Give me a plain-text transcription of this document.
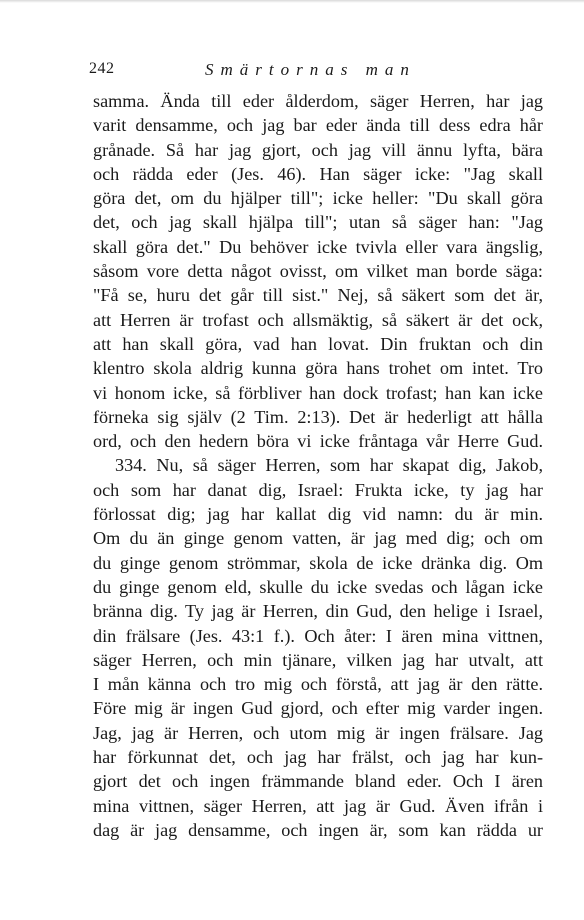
242	Smärtornas man
samma. Ända till eder ålderdom, säger Herren, har jag
varit densamme, och jag bar eder ända till dess edra hår
grånade. Så har jag gjort, och jag vill ännu lyfta, bära
och rädda eder (Jes. 46). Han säger icke: "Jag skall
göra det, om du hjälper till"; icke heller: "Du skall göra
det, och jag skall hjälpa till"; utan så säger han: "Jag
skall göra det." Du behöver icke tvivla eller vara ängslig,
såsom vore detta något ovisst, om vilket man borde säga:
"Få se, huru det går till sist." Nej, så säkert som det är,
att Herren är trofast och allsmäktig, så säkert är det ock,
att han skall göra, vad han lovat. Din fruktan och din
klentro skola aldrig kunna göra hans trohet om intet. Tro
vi honom icke, så förbliver han dock trofast; han kan icke
förneka sig själv (2 Tim. 2:13). Det är hederligt att hålla
ord, och den hedern böra vi icke fråntaga vår Herre Gud.
334. Nu, så säger Herren, som har skapat dig, Jakob,
och som har danat dig, Israel: Frukta icke, ty jag har
förlossat dig; jag har kallat dig vid namn: du är min.
Om du än ginge genom vatten, är jag med dig; och om
du ginge genom strömmar, skola de icke dränka dig. Om
du ginge genom eld, skulle du icke svedas och lågan icke
bränna dig. Ty jag är Herren, din Gud, den helige i Israel,
din frälsare (Jes. 43:1 f.). Och åter: I ären mina vittnen,
säger Herren, och min tjänare, vilken jag har utvalt, att
I mån känna och tro mig och förstå, att jag är den rätte.
Före mig är ingen Gud gjord, och efter mig varder ingen.
Jag, jag är Herren, och utom mig är ingen frälsare. Jag
har förkunnat det, och jag har frälst, och jag har kun-
gjort det och ingen främmande bland eder. Och I ären
mina vittnen, säger Herren, att jag är Gud. Även ifrån i
dag är jag densamme, och ingen är, som kan rädda ur
